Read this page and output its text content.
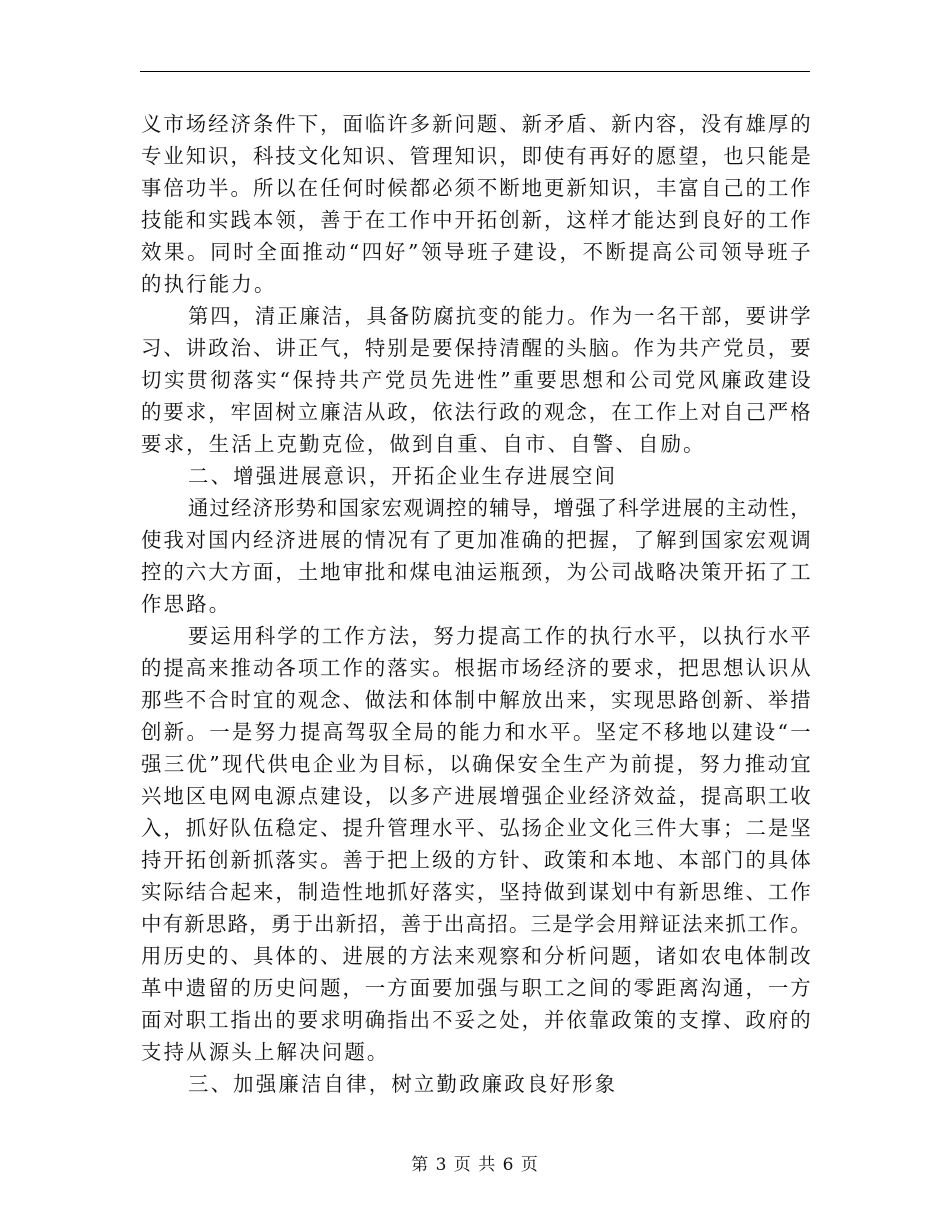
义市场经济条件下，面临许多新问题、新矛盾、新内容，没有雄厚的
专业知识，科技文化知识、管理知识，即使有再好的愿望，也只能是
事倍功半。所以在任何时候都必须不断地更新知识，丰富自己的工作
技能和实践本领，善于在工作中开拓创新，这样才能达到良好的工作
效果。同时全面推动“四好”领导班子建设，不断提高公司领导班子
的执行能力。
第四，清正廉洁，具备防腐抗变的能力。作为一名干部，要讲学
习、讲政治、讲正气，特别是要保持清醒的头脑。作为共产党员，要
切实贯彻落实“保持共产党员先进性”重要思想和公司党风廉政建设
的要求，牢固树立廉洁从政，依法行政的观念，在工作上对自己严格
要求，生活上克勤克俭，做到自重、自市、自警、自励。
二、增强进展意识，开拓企业生存进展空间
通过经济形势和国家宏观调控的辅导，增强了科学进展的主动性，
使我对国内经济进展的情况有了更加准确的把握，了解到国家宏观调
控的六大方面，土地审批和煤电油运瓶颈，为公司战略决策开拓了工
作思路。
要运用科学的工作方法，努力提高工作的执行水平，以执行水平
的提高来推动各项工作的落实。根据市场经济的要求，把思想认识从
那些不合时宜的观念、做法和体制中解放出来，实现思路创新、举措
创新。一是努力提高驾驭全局的能力和水平。坚定不移地以建设“一
强三优”现代供电企业为目标，以确保安全生产为前提，努力推动宜
兴地区电网电源点建设，以多产进展增强企业经济效益，提高职工收
入，抓好队伍稳定、提升管理水平、弘扬企业文化三件大事；二是坚
持开拓创新抓落实。善于把上级的方针、政策和本地、本部门的具体
实际结合起来，制造性地抓好落实，坚持做到谋划中有新思维、工作
中有新思路，勇于出新招，善于出高招。三是学会用辩证法来抓工作。
用历史的、具体的、进展的方法来观察和分析问题，诸如农电体制改
革中遗留的历史问题，一方面要加强与职工之间的零距离沟通，一方
面对职工指出的要求明确指出不妥之处，并依靠政策的支撑、政府的
支持从源头上解决问题。
三、加强廉洁自律，树立勤政廉政良好形象
第 3 页 共 6 页
